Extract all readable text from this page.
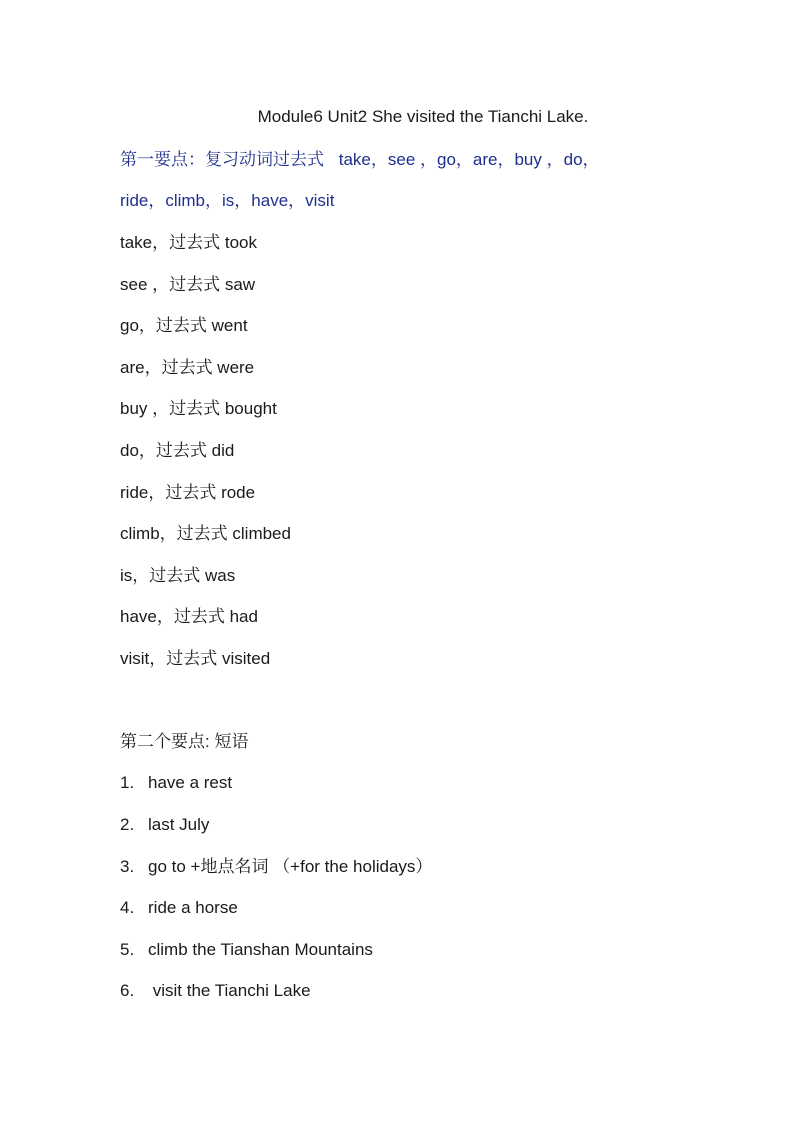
Module6 Unit2 She visited the Tianchi Lake.
第一要点：复习动词过去式 take，see ，go，are，buy ，do，
ride，climb，is，have，visit
take，过去式 took
see ，过去式 saw
go，过去式 went
are，过去式 were
buy ，过去式 bought
do，过去式 did
ride，过去式 rode
climb，过去式 climbed
is，过去式 was
have，过去式 had
visit，过去式 visited
第二个要点: 短语
1. have a rest
2. last July
3. go to +地点名词 （+for the holidays）
4. ride a horse
5. climb the Tianshan Mountains
6. visit the Tianchi Lake
